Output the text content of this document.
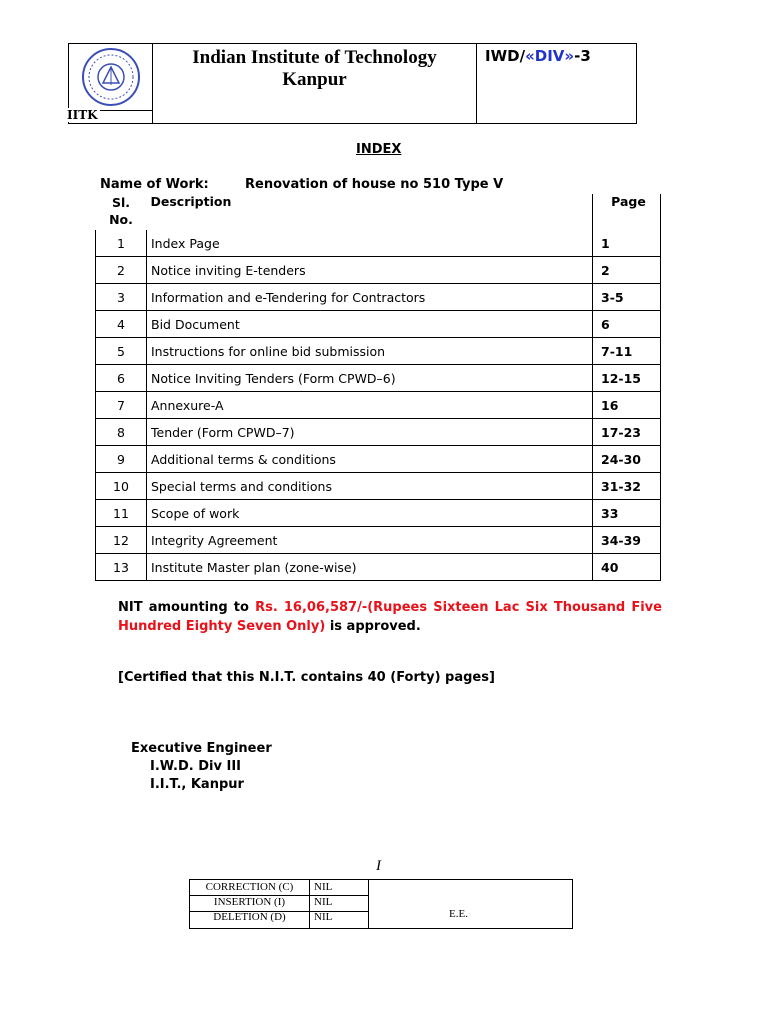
IITK
Indian Institute of Technology
Kanpur
IWD/«DIV»-3
INDEX
Name of Work:	Renovation of house no 510 Type V
Sl.
No.	Description	Page
1	Index Page	1
2	Notice inviting E-tenders	2
3	Information and e-Tendering for Contractors	3-5
4	Bid Document	6
5	Instructions for online bid submission	7-11
6	Notice Inviting Tenders (Form CPWD–6)	12-15
7	Annexure-A	16
8	Tender (Form CPWD–7)	17-23
9	Additional terms & conditions	24-30
10	Special terms and conditions	31-32
11	Scope of work	33
12	Integrity Agreement	34-39
13	Institute Master plan (zone-wise)	40
NIT amounting to Rs. 16,06,587/-(Rupees Sixteen Lac Six Thousand Five Hundred Eighty Seven Only) is approved.
[Certified that this N.I.T. contains 40 (Forty) pages]
Executive Engineer
I.W.D. Div III
I.I.T., Kanpur
I
CORRECTION (C)	NIL
INSERTION (I)	NIL
DELETION (D)	NIL	E.E.
